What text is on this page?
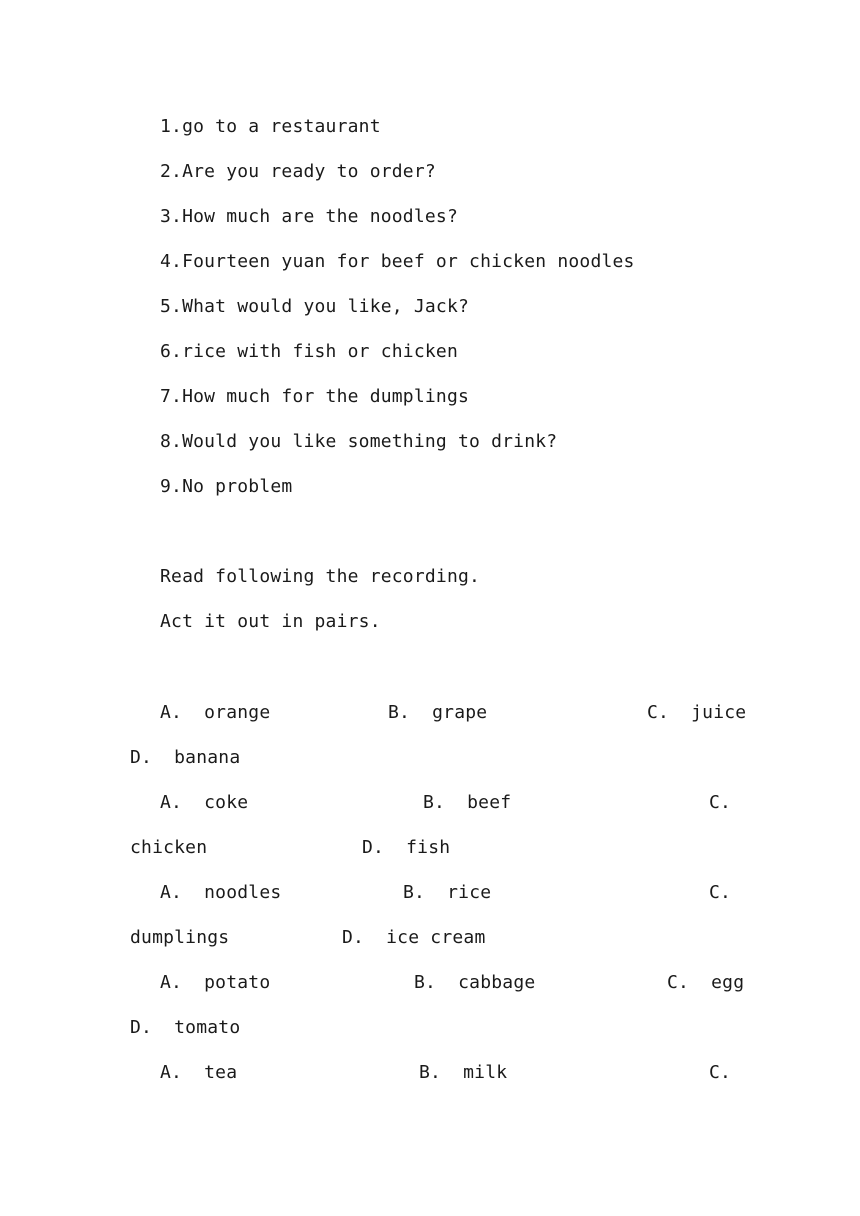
1.go to a restaurant
2.Are you ready to order?
3.How much are the noodles?
4.Fourteen yuan for beef or chicken noodles
5.What would you like, Jack?
6.rice with fish or chicken
7.How much for the dumplings
8.Would you like something to drink?
9.No problem
Read following the recording.
Act it out in pairs.
A.  orange	B.  grape	C.  juice
D.  banana
A.  coke	B.  beef	C.
chicken	D.  fish
A.  noodles	B.  rice	C.
dumplings	D.  ice cream
A.  potato	B.  cabbage	C.  egg
D.  tomato
A.  tea	B.  milk	C.
